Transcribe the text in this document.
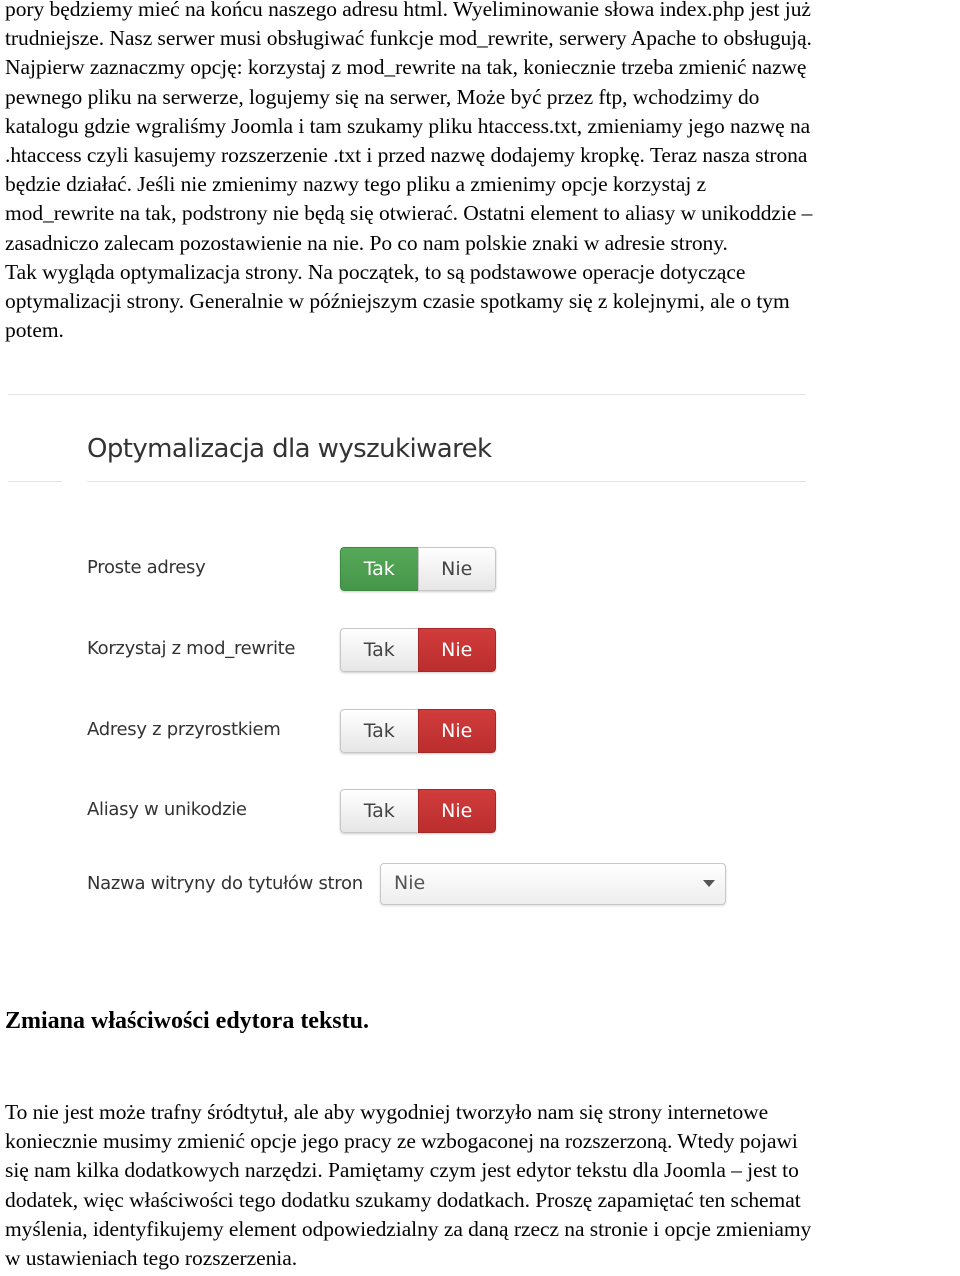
pory będziemy mieć na końcu naszego adresu html. Wyeliminowanie słowa index.php jest już
trudniejsze. Nasz serwer musi obsługiwać funkcje mod_rewrite, serwery Apache to obsługują.
Najpierw zaznaczmy opcję: korzystaj z mod_rewrite na tak, koniecznie trzeba zmienić nazwę
pewnego pliku na serwerze, logujemy się na serwer, Może być przez ftp, wchodzimy do
katalogu gdzie wgraliśmy Joomla i tam szukamy pliku htaccess.txt, zmieniamy jego nazwę na
.htaccess czyli kasujemy rozszerzenie .txt i przed nazwę dodajemy kropkę. Teraz nasza strona
będzie działać. Jeśli nie zmienimy nazwy tego pliku a zmienimy opcje korzystaj z
mod_rewrite na tak, podstrony nie będą się otwierać. Ostatni element to aliasy w unikoddzie –
zasadniczo zalecam pozostawienie na nie. Po co nam polskie znaki w adresie strony.
Tak wygląda optymalizacja strony. Na początek, to są podstawowe operacje dotyczące
optymalizacji strony. Generalnie w późniejszym czasie spotkamy się z kolejnymi, ale o tym
potem.

Optymalizacja dla wyszukiwarek
Proste adresy	Tak	Nie
Korzystaj z mod_rewrite	Tak	Nie
Adresy z przyrostkiem	Tak	Nie
Aliasy w unikodzie	Tak	Nie
Nazwa witryny do tytułów stron Nie
Zmiana właściwości edytora tekstu.

To nie jest może trafny śródtytuł, ale aby wygodniej tworzyło nam się strony internetowe
koniecznie musimy zmienić opcje jego pracy ze wzbogaconej na rozszerzoną. Wtedy pojawi
się nam kilka dodatkowych narzędzi. Pamiętamy czym jest edytor tekstu dla Joomla – jest to
dodatek, więc właściwości tego dodatku szukamy dodatkach. Proszę zapamiętać ten schemat
myślenia, identyfikujemy element odpowiedzialny za daną rzecz na stronie i opcje zmieniamy
w ustawieniach tego rozszerzenia.
